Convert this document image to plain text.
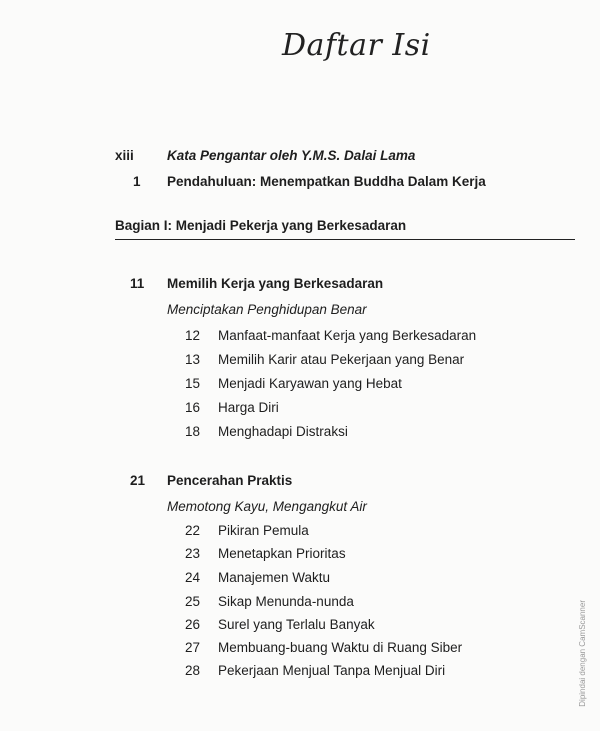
Daftar Isi
xiii Kata Pengantar oleh Y.M.S. Dalai Lama
1 Pendahuluan: Menempatkan Buddha Dalam Kerja
Bagian I: Menjadi Pekerja yang Berkesadaran
11 Memilih Kerja yang Berkesadaran
Menciptakan Penghidupan Benar
12 Manfaat-manfaat Kerja yang Berkesadaran
13 Memilih Karir atau Pekerjaan yang Benar
15 Menjadi Karyawan yang Hebat
16 Harga Diri
18 Menghadapi Distraksi
21 Pencerahan Praktis
Memotong Kayu, Mengangkut Air
22 Pikiran Pemula
23 Menetapkan Prioritas
24 Manajemen Waktu
25 Sikap Menunda-nunda
26 Surel yang Terlalu Banyak
27 Membuang-buang Waktu di Ruang Siber
28 Pekerjaan Menjual Tanpa Menjual Diri	Dipindai dengan CamScanner
